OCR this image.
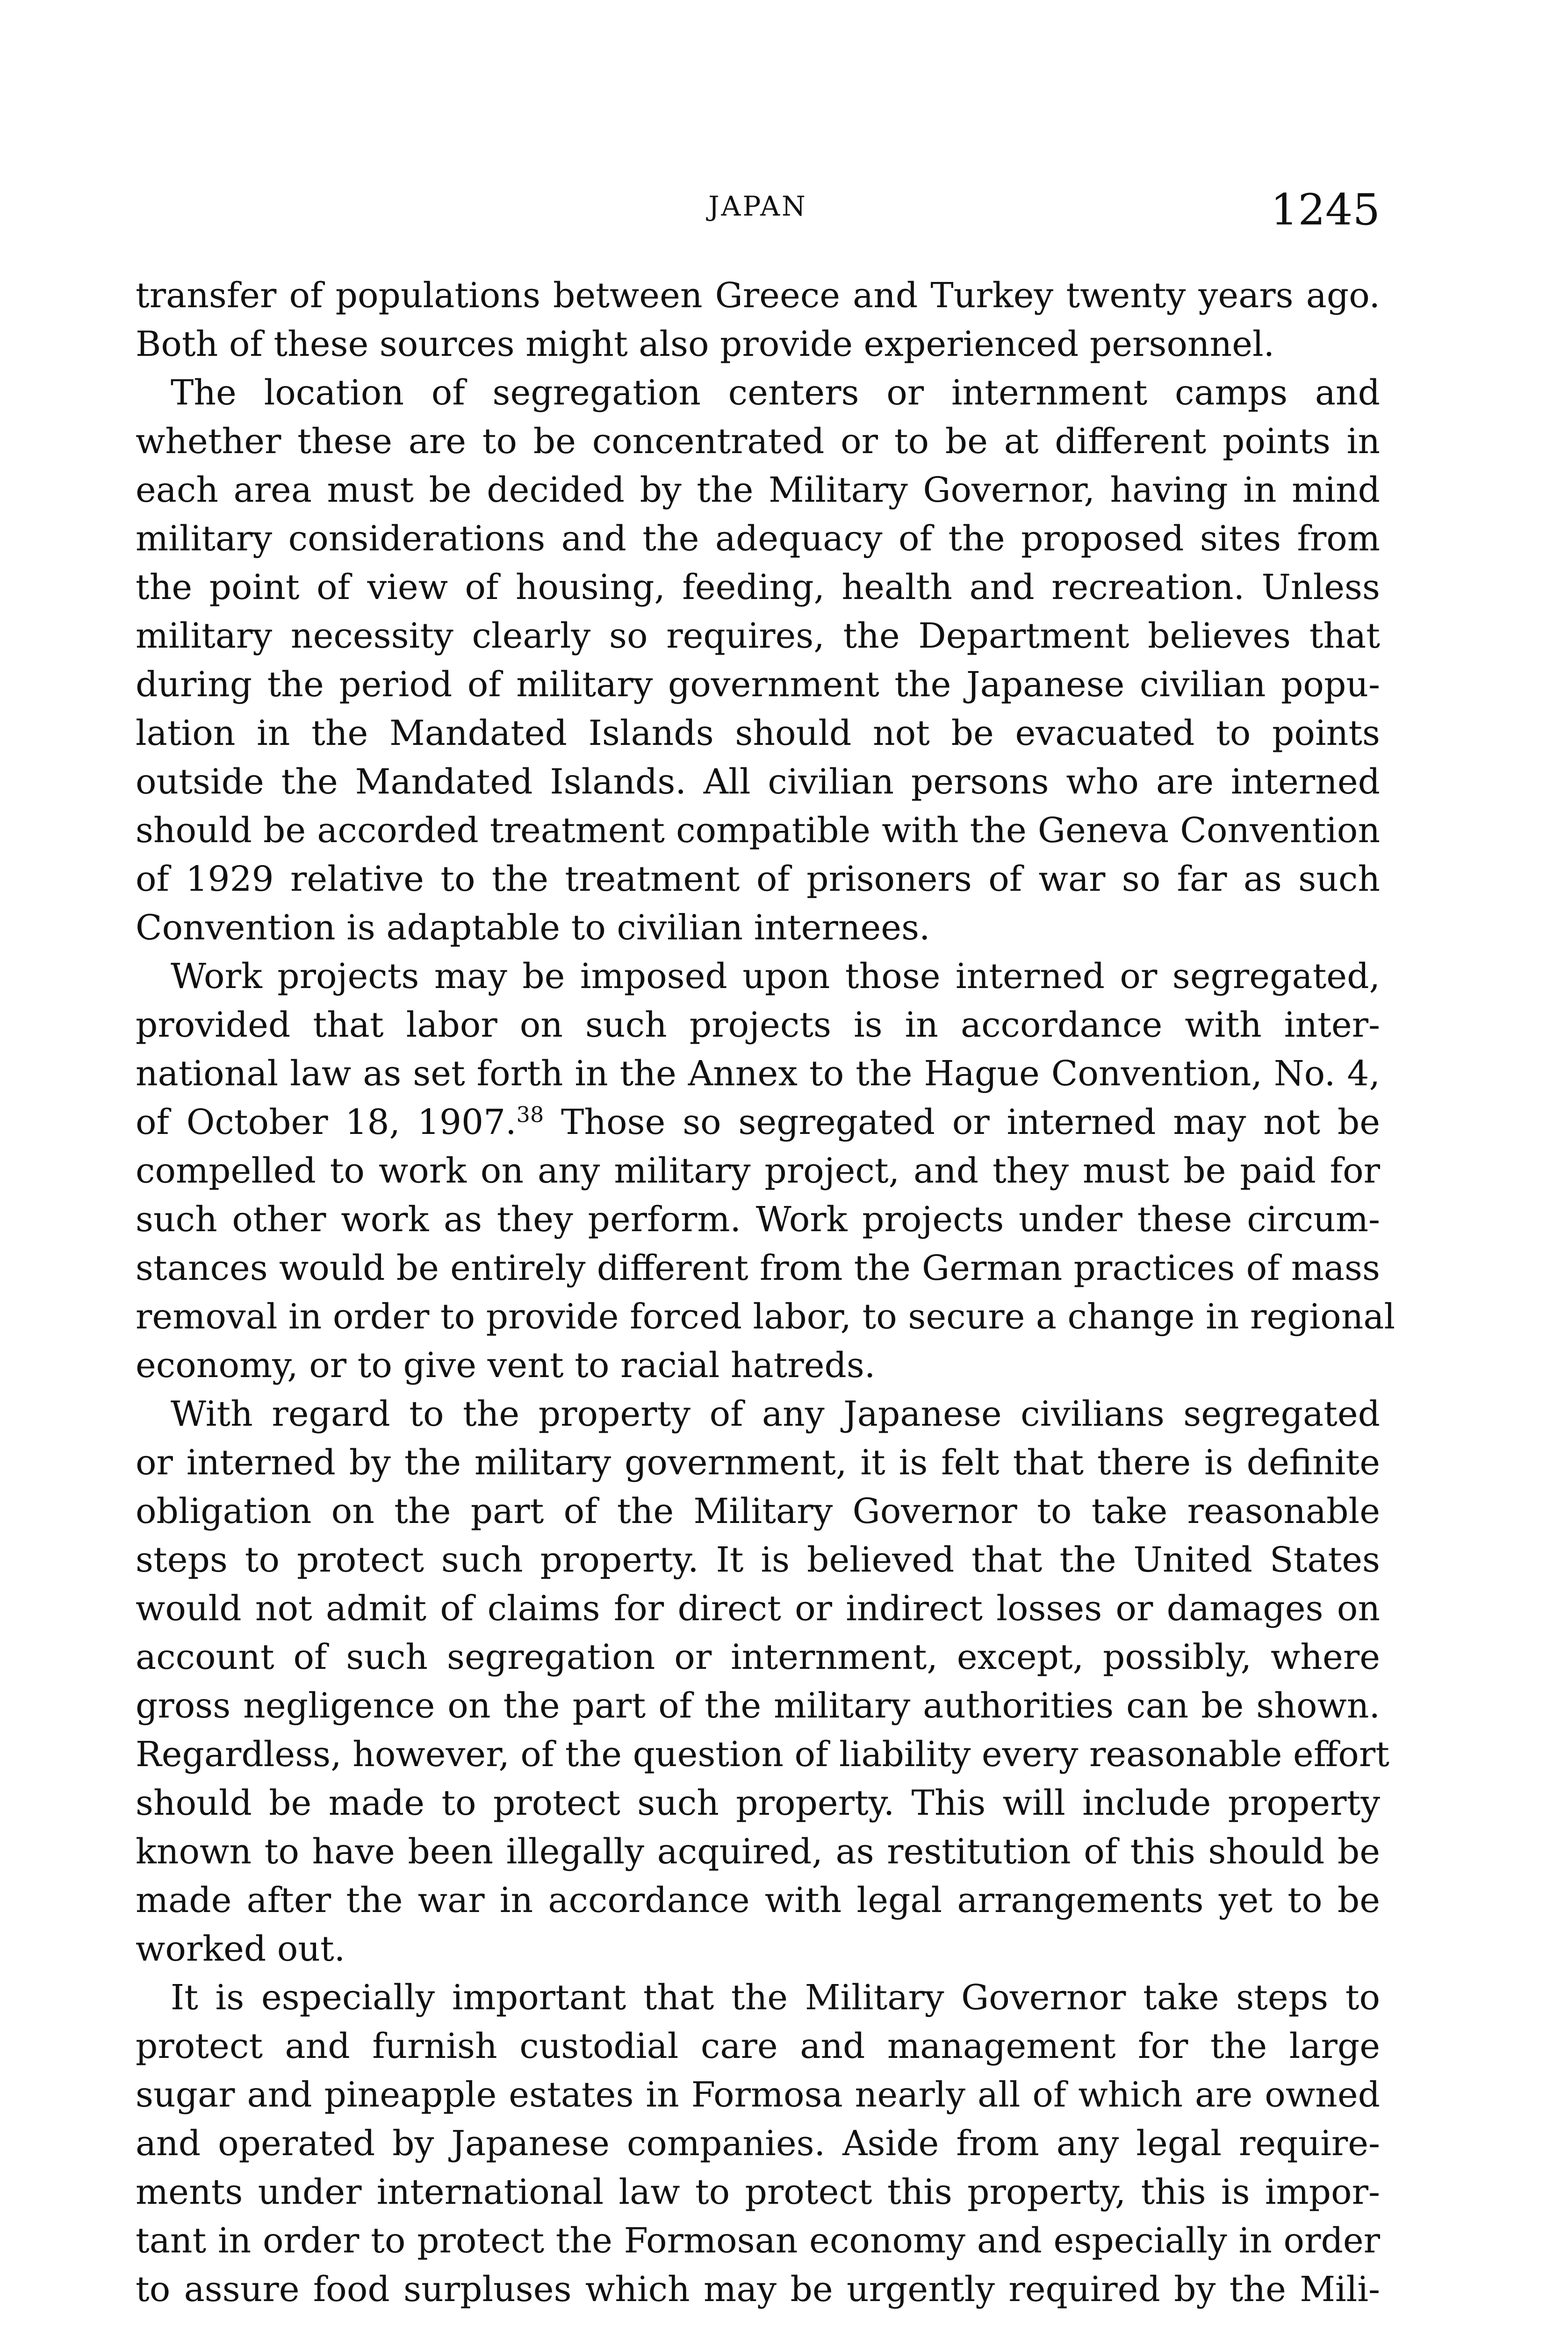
JAPAN	1245
transfer of populations between Greece and Turkey twenty years ago.
Both of these sources might also provide experienced personnel.
The location of segregation centers or internment camps and
whether these are to be concentrated or to be at different points in
each area must be decided by the Military Governor, having in mind
military considerations and the adequacy of the proposed sites from
the point of view of housing, feeding, health and recreation. Unless
military necessity clearly so requires, the Department believes that
during the period of military government the Japanese civilian popu-
lation in the Mandated Islands should not be evacuated to points
outside the Mandated Islands. All civilian persons who are interned
should be accorded treatment compatible with the Geneva Convention
of 1929 relative to the treatment of prisoners of war so far as such
Convention is adaptable to civilian internees.
Work projects may be imposed upon those interned or segregated,
provided that labor on such projects is in accordance with inter-
national law as set forth in the Annex to the Hague Convention, No. 4,
of October 18, 1907.38 Those so segregated or interned may not be
compelled to work on any military project, and they must be paid for
such other work as they perform. Work projects under these circum-
stances would be entirely different from the German practices of mass
removal in order to provide forced labor, to secure a change in regional
economy, or to give vent to racial hatreds.
With regard to the property of any Japanese civilians segregated
or interned by the military government, it is felt that there is definite
obligation on the part of the Military Governor to take reasonable
steps to protect such property. It is believed that the United States
would not admit of claims for direct or indirect losses or damages on
account of such segregation or internment, except, possibly, where
gross negligence on the part of the military authorities can be shown.
Regardless, however, of the question of liability every reasonable effort
should be made to protect such property. This will include property
known to have been illegally acquired, as restitution of this should be
made after the war in accordance with legal arrangements yet to be
worked out.
It is especially important that the Military Governor take steps to
protect and furnish custodial care and management for the large
sugar and pineapple estates in Formosa nearly all of which are owned
and operated by Japanese companies. Aside from any legal require-
ments under international law to protect this property, this is impor-
tant in order to protect the Formosan economy and especially in order
to assure food surpluses which may be urgently required by the Mili-
